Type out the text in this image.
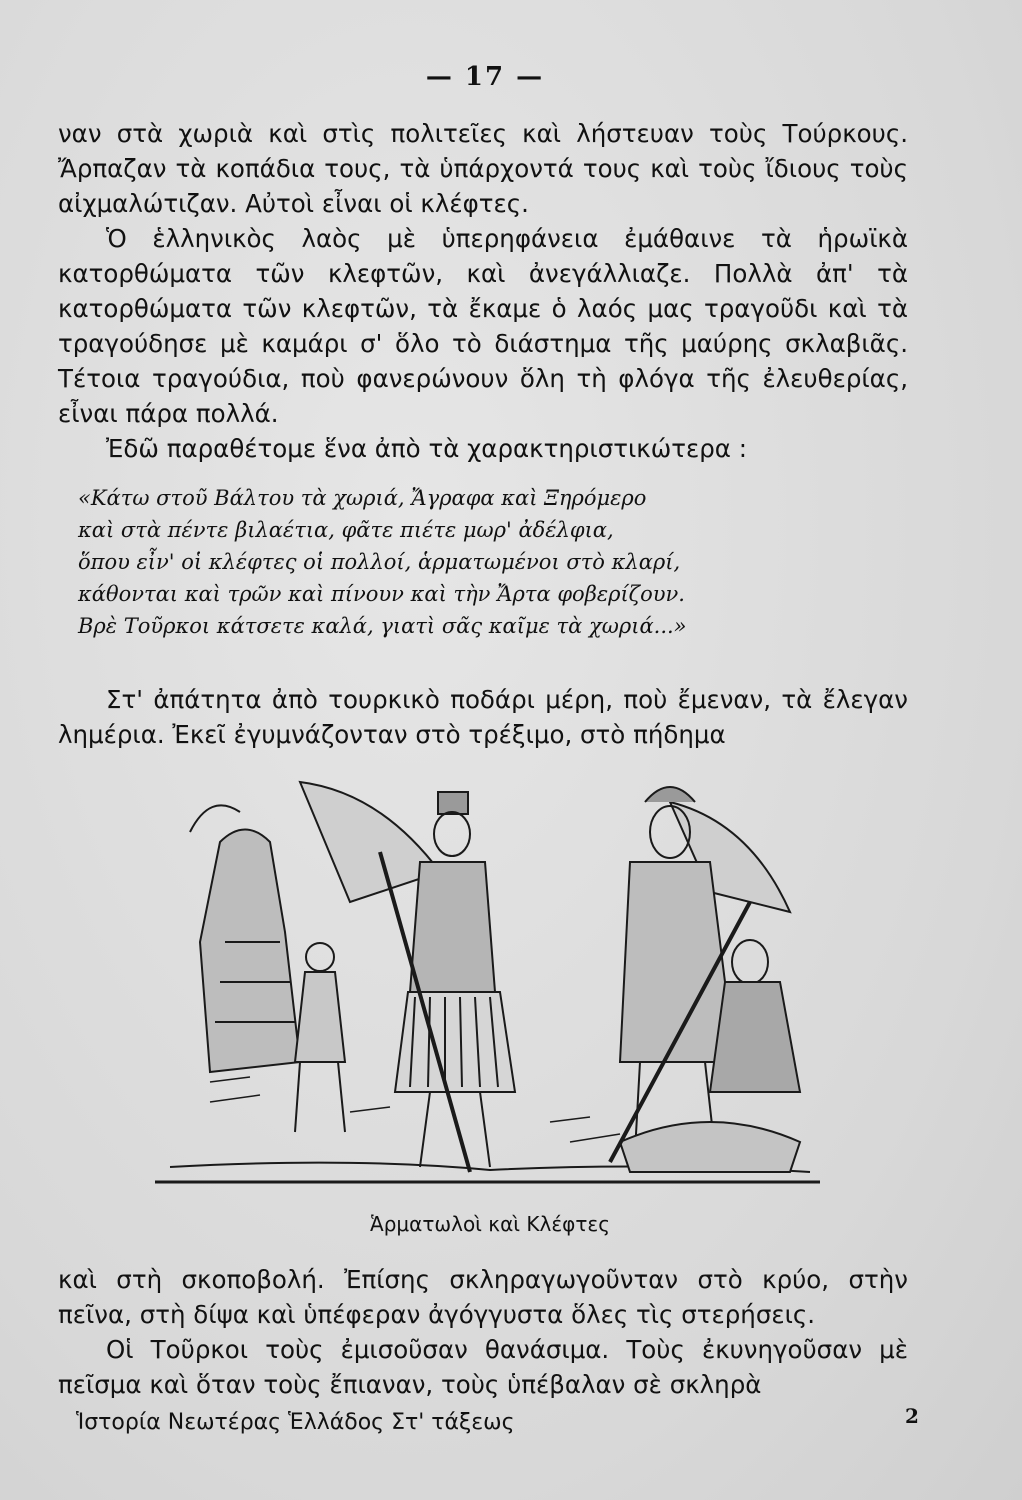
— 17 —

ναν στὰ χωριὰ καὶ στὶς πολιτεῖες καὶ λήστευαν τοὺς Τούρκους. Ἄρπαζαν τὰ κοπάδια τους, τὰ ὑπάρχοντά τους καὶ τοὺς ἴδιους τοὺς αἰχμαλώτιζαν. Αὐτοὶ εἶναι οἱ κλέφτες.

Ὁ ἑλληνικὸς λαὸς μὲ ὑπερηφάνεια ἐμάθαινε τὰ ἡρωϊκὰ κατορθώματα τῶν κλεφτῶν, καὶ ἀνεγάλλιαζε. Πολλὰ ἀπ' τὰ κατορθώματα τῶν κλεφτῶν, τὰ ἔκαμε ὁ λαός μας τραγοῦδι καὶ τὰ τραγούδησε μὲ καμάρι σ' ὅλο τὸ διάστημα τῆς μαύρης σκλαβιᾶς. Τέτοια τραγούδια, ποὺ φανερώνουν ὅλη τὴ φλόγα τῆς ἐλευθερίας, εἶναι πάρα πολλά.

Ἐδῶ παραθέτομε ἕνα ἀπὸ τὰ χαρακτηριστικώτερα :

«Κάτω στοῦ Βάλτου τὰ χωριά, Ἄγραφα καὶ Ξηρόμερο
καὶ στὰ πέντε βιλαέτια, φᾶτε πιέτε μωρ' ἀδέλφια,
ὅπου εἶν' οἱ κλέφτες οἱ πολλοί, ἁρματωμένοι στὸ κλαρί,
κάθονται καὶ τρῶν καὶ πίνουν καὶ τὴν Ἄρτα φοβερίζουν.
Βρὲ Τοῦρκοι κάτσετε καλά, γιατὶ σᾶς καῖμε τὰ χωριά...»

Στ' ἀπάτητα ἀπὸ τουρκικὸ ποδάρι μέρη, ποὺ ἔμεναν, τὰ ἔλεγαν λημέρια. Ἐκεῖ ἐγυμνάζονταν στὸ τρέξιμο, στὸ πήδημα

Ἁρματωλοὶ καὶ Κλέφτες

καὶ στὴ σκοποβολή. Ἐπίσης σκληραγωγοῦνταν στὸ κρύο, στὴν πεῖνα, στὴ δίψα καὶ ὑπέφεραν ἀγόγγυστα ὅλες τὶς στερήσεις.

Οἱ Τοῦρκοι τοὺς ἐμισοῦσαν θανάσιμα. Τοὺς ἐκυνηγοῦσαν μὲ πεῖσμα καὶ ὅταν τοὺς ἔπιαναν, τοὺς ὑπέβαλαν σὲ σκληρὰ

Ἱστορία Νεωτέρας Ἑλλάδος Στ' τάξεως	2
